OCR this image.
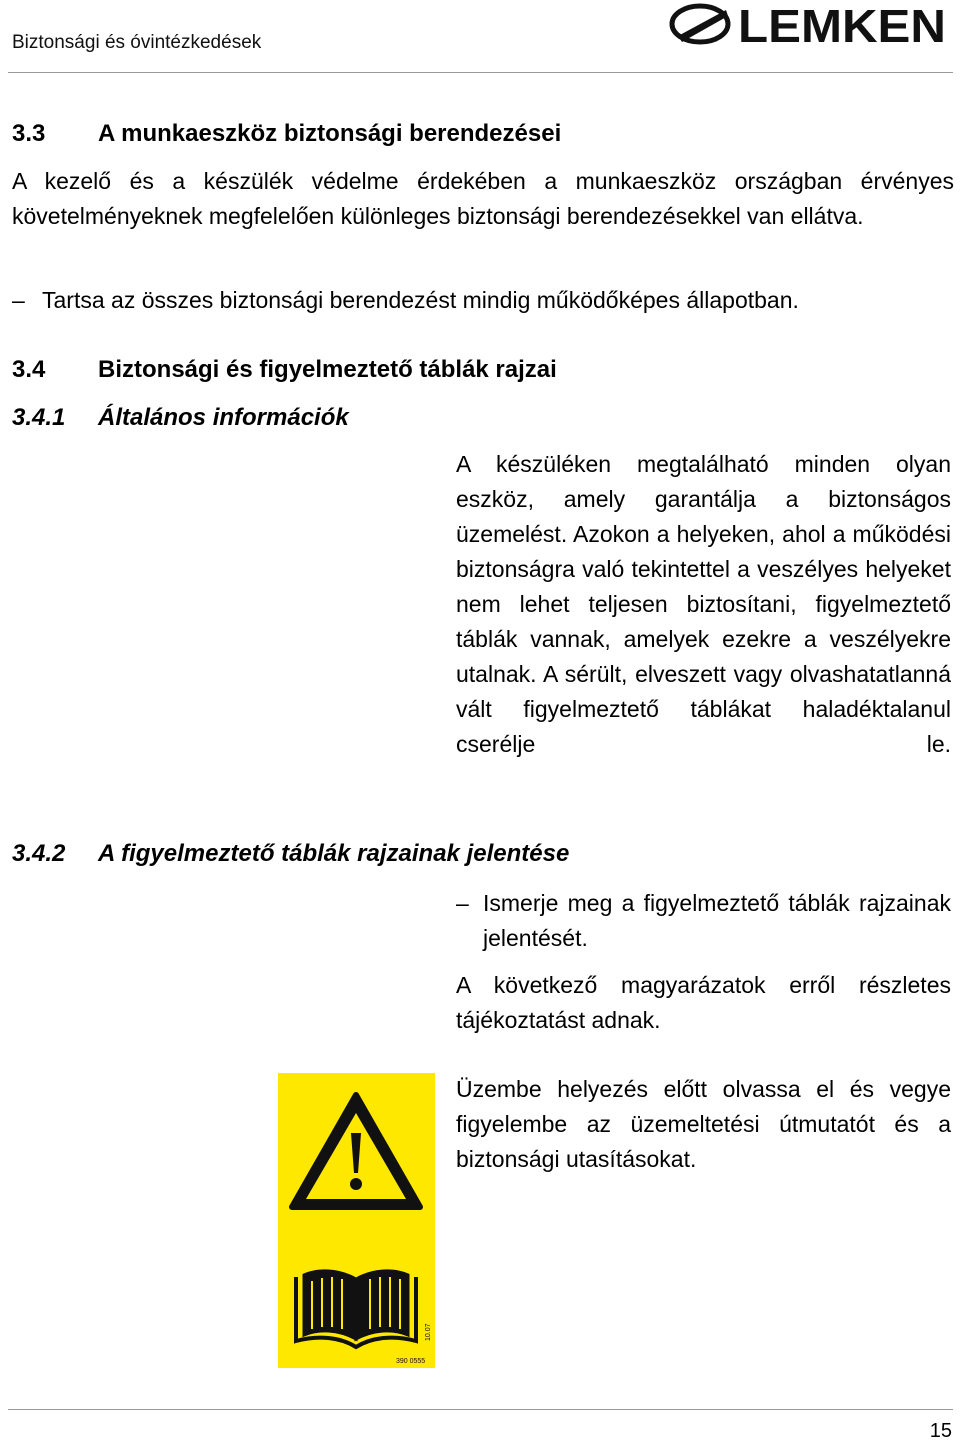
Biztonsági és óvintézkedések	LEMKEN
3.3 A munkaeszköz biztonsági berendezései
A kezelő és a készülék védelme érdekében a munkaeszköz országban érvényes követelményeknek megfelelően különleges biztonsági berendezésekkel van ellátva.
– Tartsa az összes biztonsági berendezést mindig működőképes állapotban.
3.4 Biztonsági és figyelmeztető táblák rajzai
3.4.1 Általános információk
A készüléken megtalálható minden olyan eszköz, amely garantálja a biztonságos üzemelést. Azokon a helyeken, ahol a működési biztonságra való tekintettel a veszélyes helyeket nem lehet teljesen biztosítani, figyelmeztető táblák vannak, amelyek ezekre a veszélyekre utalnak. A sérült, elveszett vagy olvashatatlanná vált figyelmeztető táblákat haladéktalanul cserélje le.
3.4.2 A figyelmeztető táblák rajzainak jelentése
– Ismerje meg a figyelmeztető táblák rajzainak jelentését.
A következő magyarázatok erről részletes tájékoztatást adnak.
390 0555
10.07
Üzembe helyezés előtt olvassa el és vegye figyelembe az üzemeltetési útmutatót és a biztonsági utasításokat.
15
